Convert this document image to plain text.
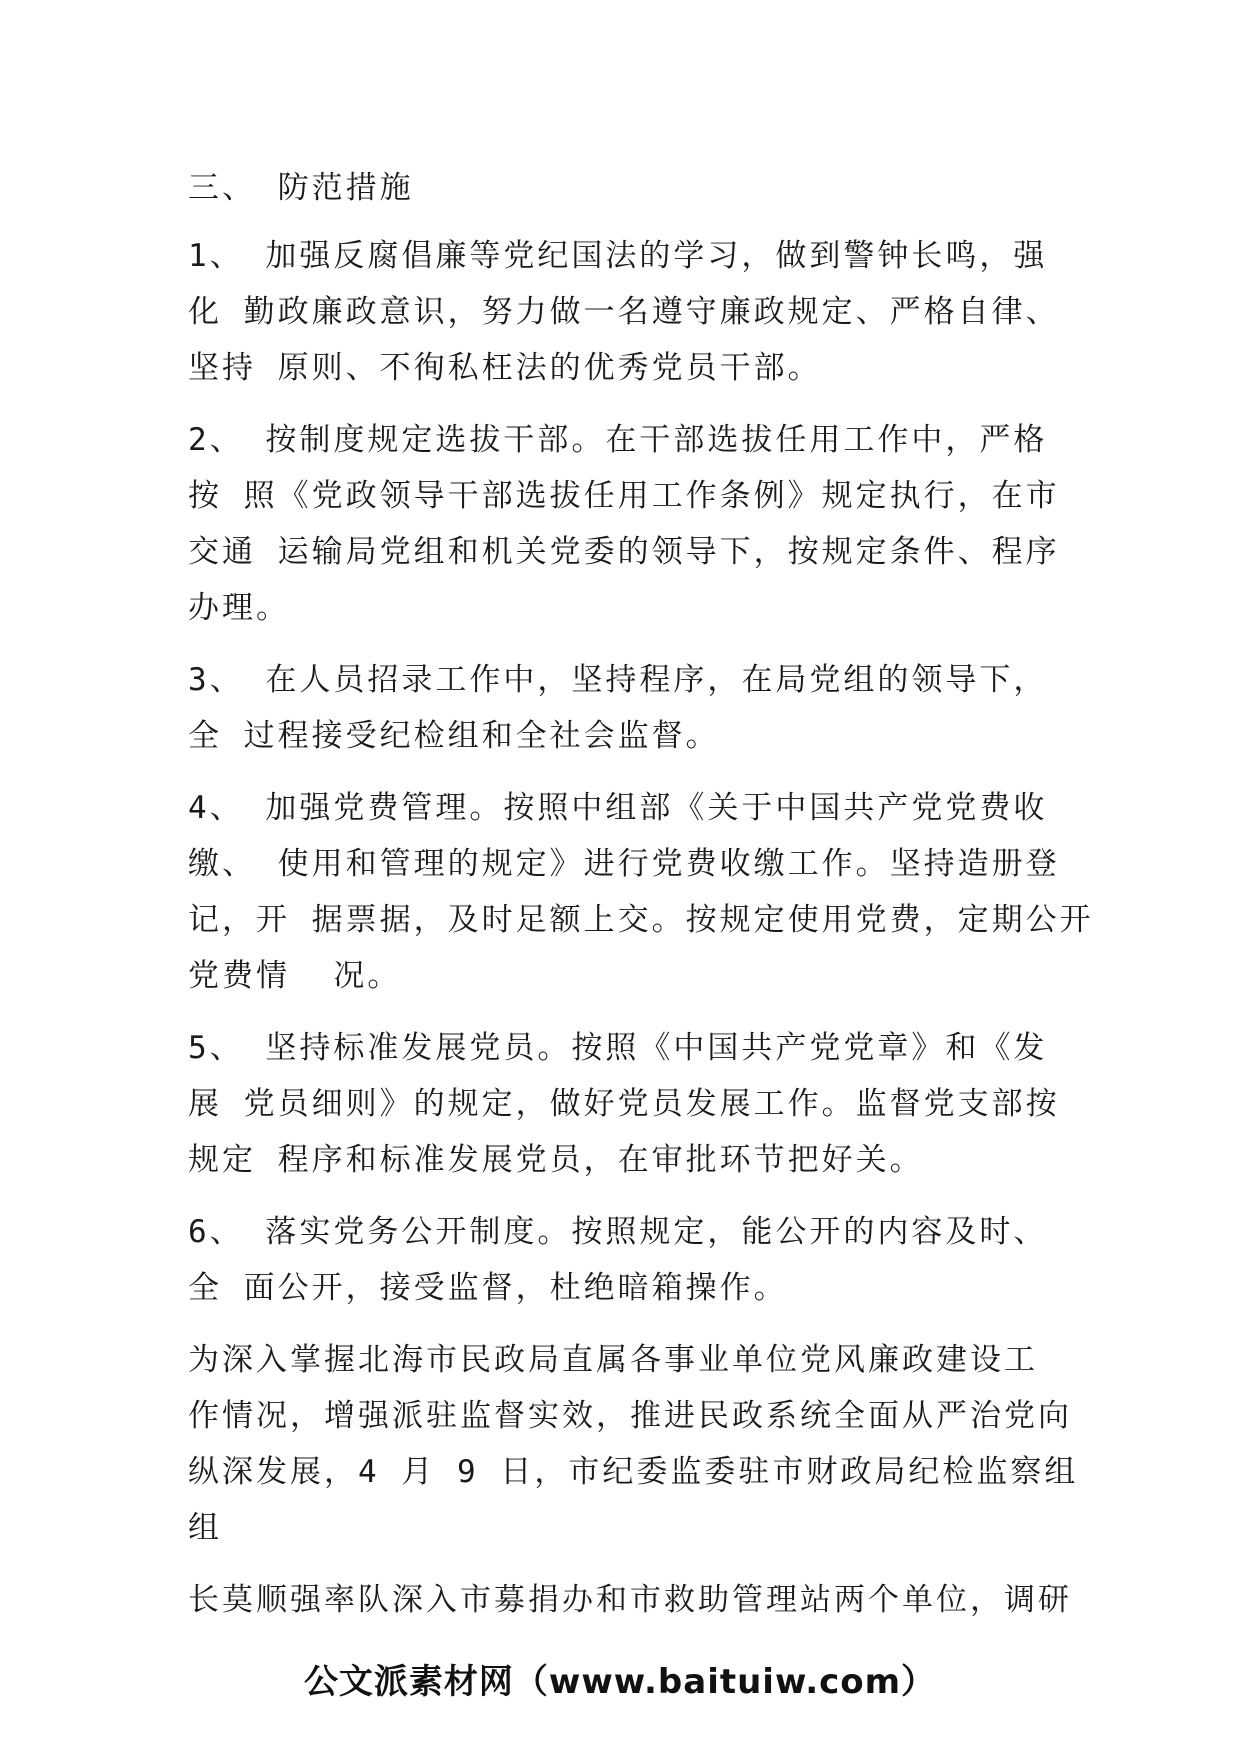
三、 防范措施

1、 加强反腐倡廉等党纪国法的学习，做到警钟长鸣，强
化 勤政廉政意识，努力做一名遵守廉政规定、严格自律、
坚持 原则、不徇私枉法的优秀党员干部。

2、 按制度规定选拔干部。在干部选拔任用工作中，严格
按 照《党政领导干部选拔任用工作条例》规定执行，在市
交通 运输局党组和机关党委的领导下，按规定条件、程序
办理。

3、 在人员招录工作中，坚持程序，在局党组的领导下，
全 过程接受纪检组和全社会监督。

4、 加强党费管理。按照中组部《关于中国共产党党费收
缴、 使用和管理的规定》进行党费收缴工作。坚持造册登
记，开 据票据，及时足额上交。按规定使用党费，定期公开
党费情  况。

5、 坚持标准发展党员。按照《中国共产党党章》和《发
展 党员细则》的规定，做好党员发展工作。监督党支部按
规定 程序和标准发展党员，在审批环节把好关。

6、 落实党务公开制度。按照规定，能公开的内容及时、
全 面公开，接受监督，杜绝暗箱操作。

为深入掌握北海市民政局直属各事业单位党风廉政建设工
作情况，增强派驻监督实效，推进民政系统全面从严治党向
纵深发展，4 月 9 日，市纪委监委驻市财政局纪检监察组
组

长莫顺强率队深入市募捐办和市救助管理站两个单位，调研

公文派素材网（www.baituiw.com）
